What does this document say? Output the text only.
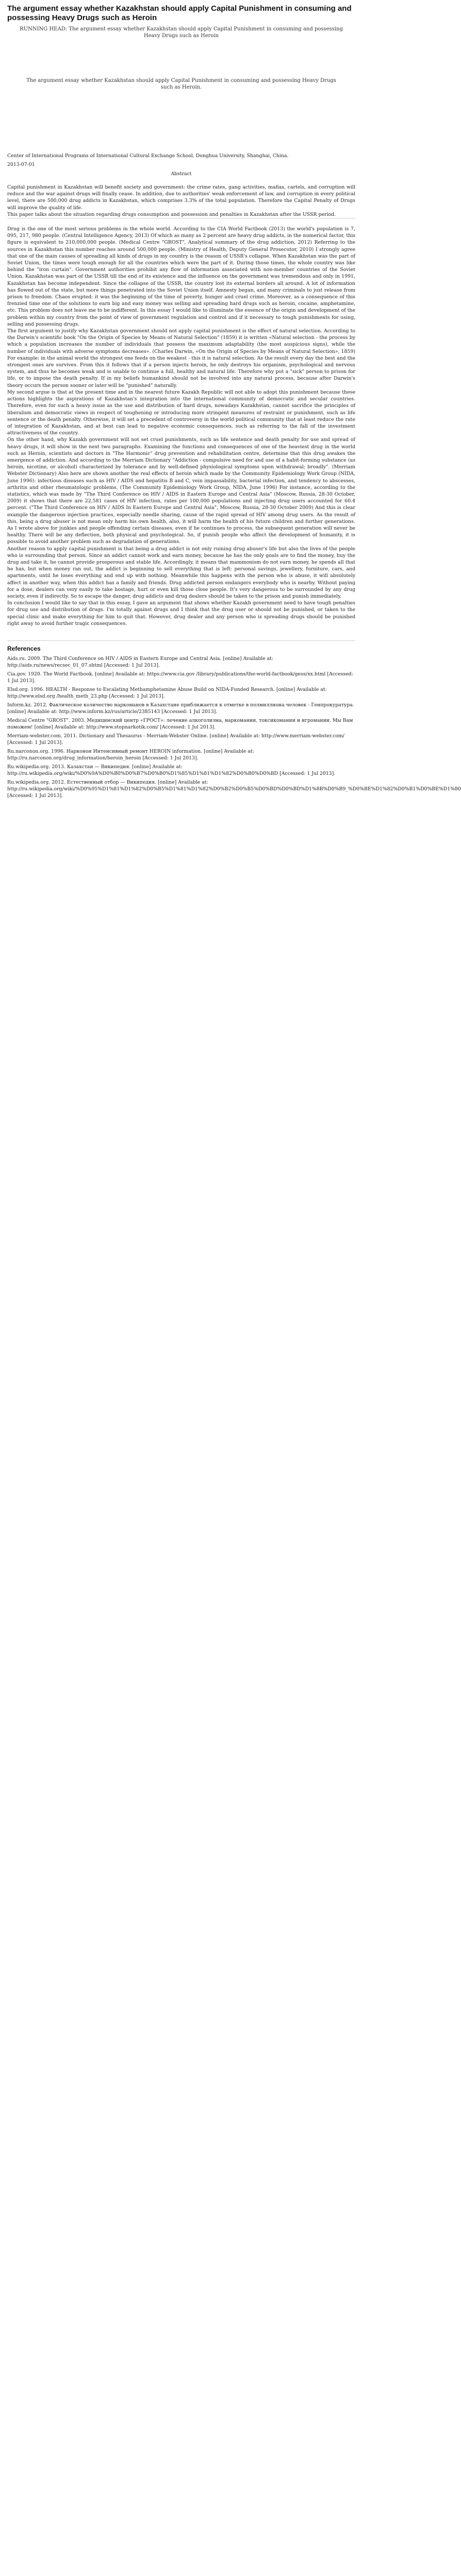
The argument essay whether Kazakhstan should apply Capital Punishment in consuming and possessing Heavy Drugs such as Heroin

RUNNING HEAD: The argument essay whether Kazakhstan should apply Capital Punishment in consuming and possessing Heavy Drugs such as Heroin

The argument essay whether Kazakhstan should apply Capital Punishment in consuming and possessing Heavy Drugs such as Heroin.

Center of International Programs of International Cultural Exchange School, Donghua University, Shanghai, China.

2013-07-01

Abstract

Capital punishment in Kazakhstan will benefit society and government: the crime rates, gang activities, mafias, cartels, and corruption will reduce and the war against drugs will finally cease. In addition, due to authorities' weak enforcement of law, and corruption in every political level, there are 500,000 drug addicts in Kazakhstan, which comprises 3.3% of the total population. Therefore the Capital Penalty of Drugs will improve the quality of life.

This paper talks about the situation regarding drugs consumption and possession and penalties in Kazakhstan after the USSR period.

Drug is the one of the most serious problems in the whole world. According to the CIA World Factbook (2013) the world's population is 7, 095, 217, 980 people. (Central Intelligence Agency, 2013) Of which as many as 2 percent are heavy drug addicts, in the numerical factor, this figure is equivalent to 210,000,000 people. (Medical Centre "GROST", Analytical summary of the drug addiction, 2012) Referring to the sources in Kazakhstan this number reaches around 500,000 people. (Ministry of Health, Deputy General Prosecutor, 2010) I strongly agree that one of the main causes of spreading all kinds of drugs in my country is the reason of USSR's collapse. When Kazakhstan was the part of Soviet Union, the times were tough enough for all the countries which were the part of it. During those times, the whole country was like behind the "iron curtain". Government authorities prohibit any flow of information associated with non-member countries of the Soviet Union. Kazakhstan was part of the USSR till the end of its existence and the influence on the government was tremendous and only in 1991, Kazakhstan has become independent. Since the collapse of the USSR, the country lost its external borders all around. A lot of information has flowed out of the state, but more things penetrated into the Soviet Union itself. Amnesty began, and many criminals to just release from prison to freedom. Chaos erupted: it was the beginning of the time of poverty, hunger and cruel crime. Moreover, as a consequence of this frenzied time one of the solutions to earn big and easy money was selling and spreading hard drugs such as heroin, cocaine, amphetamine, etc. This problem does not leave me to be indifferent. In this essay I would like to illuminate the essence of the origin and development of the problem within my country from the point of view of government regulation and control and if it necessary to tough punishments for using, selling and possessing drugs.

The first argument to justify why Kazakhstan government should not apply capital punishment is the effect of natural selection. According to the Darwin's scientific book "On the Origin of Species by Means of Natural Selection" (1859) it is written «Natural selection - the process by which a population increases the number of individuals that possess the maximum adaptability (the most auspicious signs), while the number of individuals with adverse symptoms decreases». (Charles Darwin, «On the Origin of Species by Means of Natural Selection», 1859) For example: in the animal world the strongest one feeds on the weakest - this it is natural selection. As the result every day the best and the strongest ones are survives. From this it follows that if a person injects heroin, he only destroys his organism, psychological and nervous system, and thus he becomes weak and is unable to continue a full, healthy and natural life. Therefore why put a "sick" person to prison for life, or to impose the death penalty. If in my beliefs humankind should not be involved into any natural process, because after Darwin's theory occurs the person sooner or later will be "punished" naturally.

My second argue is that at the present time and in the nearest future Kazakh Republic will not able to adopt this punishment because these actions highlights the aspirations of Kazakhstan's integration into the international community of democratic and secular countries. Therefore, even for such a heavy issue as the use and distribution of hard drugs, nowadays Kazakhstan, cannot sacrifice the principles of liberalism and democratic views in respect of toughening or introducing more stringent measures of restraint or punishment, such as life sentence or the death penalty. Otherwise, it will set a precedent of controversy in the world political community that at least reduce the rate of integration of Kazakhstan, and at best can lead to negative economic consequences, such as referring to the fall of the investment attractiveness of the country.

On the other hand, why Kazakh government will not set cruel punishments, such as life sentence and death penalty for use and spread of heavy drugs, it will show in the next two paragraphs. Examining the functions and consequences of one of the heaviest drug in the world such as Heroin, scientists and doctors in "The Harmonic" drug prevention and rehabilitation centre, determine that this drug awakes the emergence of addiction. And according to the Merriam Dictionary "Addiction - compulsive need for and use of a habit-forming substance (as heroin, nicotine, or alcohol) characterized by tolerance and by well-defined physiological symptoms upon withdrawal; broadly". (Merriam Webster Dictionary) Also here are shown another the real effects of heroin which made by the Community Epidemiology Work Group (NIDA, June 1996): infectious diseases such as HIV / AIDS and hepatitis B and C, vein impassability, bacterial infection, and tendency to abscesses, arthritis and other rheumatologic problems. (The Community Epidemiology Work Group, NIDA, June 1996) For instance, according to the statistics, which was made by "The Third Conference on HIV / AIDS in Eastern Europe and Central Asia" (Moscow, Russia, 28-30 October, 2009) it shows that there are 22,581 cases of HIV infection, rates per 100,000 populations and injecting drug users accounted for 60.4 percent. ("The Third Conference on HIV / AIDS In Eastern Europe and Central Asia", Moscow, Russia, 28-30 October 2009) And this is clear example the dangerous injection practices, especially needle sharing, cause of the rapid spread of HIV among drug users. As the result of this, being a drug abuser is not mean only harm his own health, also, it will harm the health of his future children and further generations. As I wrote above for junkies and people offending certain diseases, even if he continues to process, the subsequent generation will never be healthy. There will be any deflection, both physical and psychological. So, if punish people who affect the development of humanity, it is possible to avoid another problem such as degradation of generations.

Another reason to apply capital punishment is that being a drug addict is not only ruining drug abuser's life but also the lives of the people who is surrounding that person. Since an addict cannot work and earn money, because he has the only goals are to find the money, buy the drug and take it, he cannot provide prosperous and stable life. Accordingly, it means that mammonism do not earn money, he spends all that he has, but when money ran out, the addict is beginning to sell everything that is left: personal savings, jewellery, furniture, cars, and apartments, until he loses everything and end up with nothing. Meanwhile this happens with the person who is abuse, it will absolutely affect in another way, when this addict has a family and friends. Drug addicted person endangers everybody who is nearby. Without paying for a dose, dealers can very easily to take hostage, hurt or even kill those close people. It's very dangerous to be surrounded by any drug society, even if indirectly. So to escape the danger, drug addicts and drug dealers should be taken to the prison and punish immediately.

In conclusion I would like to say that in this essay, I gave an argument that shows whether Kazakh government need to have tough penalties for drug use and distribution of drugs. I'm totally against drugs and I think that the drug user or should not be punished, or taken to the special clinic and make everything for him to quit that. However, drug dealer and any person who is spreading drugs should be punished right away to avoid further tragic consequences.

References

Aids.ru. 2009. The Third Conference on HIV / AIDS in Eastern Europe and Central Asia. [online] Available at: http://aids.ru/news/recsec_01_07.shtml [Accessed: 1 Jul 2013].

Cia.gov. 1920. The World Factbook. [online] Available at: https://www.cia.gov /library/publications/the-world-factbook/geos/xx.html [Accessed: 1 Jul 2013].

Elsd.org. 1996. HEALTH - Response to Escalating Methamphetamine Abuse Build on NIDA-Funded Research. [online] Available at: http://www.elsd.org /health_meth_23.php [Accessed: 1 Jul 2013].

Inform.kz. 2012. Фактическое количество наркоманов в Казахстане приближается к отметке в полмиллиона человек - Генпрокуратура. [online] Available at: http://www.inform.kz/rus/article/2385143 [Accessed: 1 Jul 2013].

Medical Centre "GROST". 2003. Медицинский центр «ГРОСТ»: лечение алкоголизма, наркомании, токсикомании и игромании. Мы Вам поможем! [online] Available at: http://www.stopnarkotik.com/ [Accessed: 1 Jul 2013].

Merriam-webster.com. 2011. Dictionary and Thesaurus - Merriam-Webster Online. [online] Available at: http://www.merriam-webster.com/ [Accessed: 1 Jul 2013].

Ru.narconon.org. 1996. Нарконон Интенсивный ремонт HEROIN information. [online] Available at: http://ru.narconon.org/drug_information/heroin_heroin [Accessed: 1 Jul 2013].

Ru.wikipedia.org. 2013. Казахстан — Википедия. [online] Available at: http://ru.wikipedia.org/wiki/%D0%9A%D0%B0%D0%B7%D0%B0%D1%85%D1%81%D1%82%D0%B0%D0%BD [Accessed: 1 Jul 2013].

Ru.wikipedia.org. 2012. Естественный отбор — Википедия. [online] Available at: http://ru.wikipedia.org/wiki/%D0%95%D1%81%D1%82%D0%B5%D1%81%D1%82%D0%B2%D0%B5%D0%BD%D0%BD%D1%8B%D0%B9_%D0%BE%D1%82%D0%B1%D0%BE%D1%80 [Accessed: 1 Jul 2013].
